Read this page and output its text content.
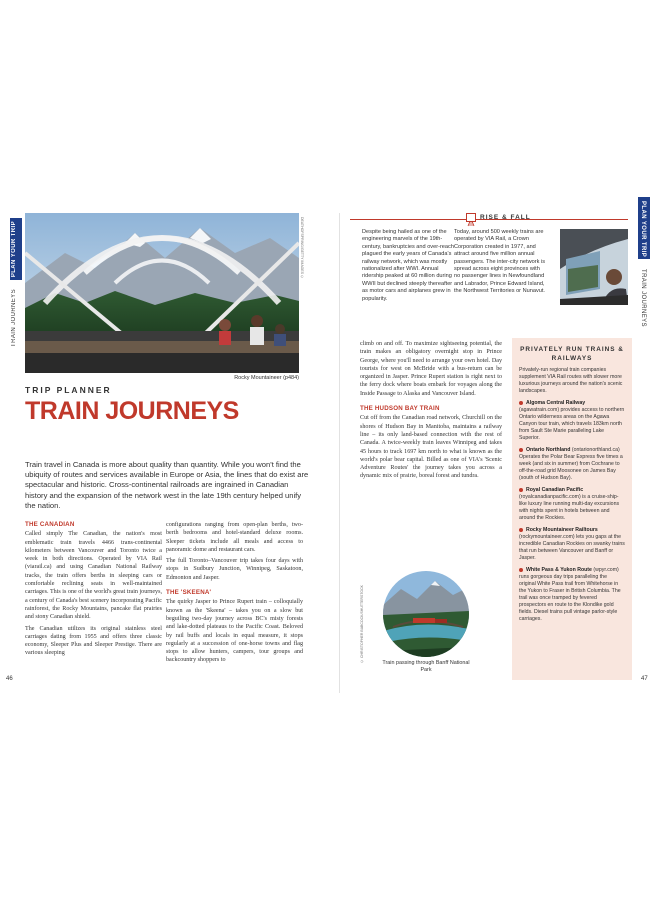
PLAN YOUR TRIP
TRAIN JOURNEYS
PLAN YOUR TRIP
TRAIN JOURNEYS
DEATHOFSPRING/GETTY IMAGES ©
Rocky Mountaineer (p484)
TRIP PLANNER
TRAIN JOURNEYS
Train travel in Canada is more about quality than quantity. While you won't find the ubiquity of routes and services available in Europe or Asia, the lines that do exist are spectacular and historic. Cross-continental railroads are ingrained in Canadian history and the expansion of the network west in the late 19th century helped unify the nation.
THE CANADIAN
Called simply The Canadian, the nation's most emblematic train travels 4466 trans-continental kilometers between Vancouver and Toronto twice a week in both directions. Operated by VIA Rail (viarail.ca) and using Canadian National Railway tracks, the train offers berths in sleeping cars or comfortable reclining seats in well-maintained carriages. This is one of the world's great train journeys, a century of Canada's best scenery incorporating Pacific rainforest, the Rocky Mountains, pancake flat prairies and stony Canadian shield.
The Canadian utilizes its original stainless steel carriages dating from 1955 and offers three classic economy, Sleeper Plus and Sleeper Prestige. There are various sleeping
configurations ranging from open-plan berths, two-berth bedrooms and hotel-standard deluxe rooms. Sleeper tickets include all meals and access to panoramic dome and restaurant cars.
The full Toronto–Vancouver trip takes four days with stops in Sudbury Junction, Winnipeg, Saskatoon, Edmonton and Jasper.
THE 'SKEENA'
The quirky Jasper to Prince Rupert train – colloquially known as the 'Skeena' – takes you on a slow but beguiling two-day journey across BC's misty forests and lake-dotted plateaus to the Pacific Coast. Beloved by rail buffs and locals in equal measure, it stops regularly at a succession of one-horse towns and flag stops to allow hunters, campers, tour groups and backcountry shoppers to
46
RISE & FALL
Despite being hailed as one of the engineering marvels of the 19th-century, bankruptcies and over-reach plagued the early years of Canada's railway network, which was mostly nationalized after WWI. Annual ridership peaked at 60 million during WWII but declined steeply thereafter as motor cars and airplanes grew in popularity.
Today, around 500 weekly trains are operated by VIA Rail, a Crown Corporation created in 1977, and attract around five million annual passengers. The inter-city network is spread across eight provinces with no passenger lines in Newfoundland and Labrador, Prince Edward Island, the Northwest Territories or Nunavut.
climb on and off. To maximize sightseeing potential, the train makes an obligatory overnight stop in Prince George, where you'll need to arrange your own hotel. Day tourists for west on McBride with a bus-return can be organized in Jasper. Prince Rupert station is right next to the ferry dock where boats embark for voyages along the Inside Passage to Alaska and Vancouver Island.
THE HUDSON BAY TRAIN
Cut off from the Canadian road network, Churchill on the shores of Hudson Bay in Manitoba, maintains a railway line – its only land-based connection with the rest of Canada. A twice-weekly train leaves Winnipeg and takes 45 hours to track 1697 km north to what is known as the world's polar bear capital. Billed as one of VIA's 'Scenic Adventure Routes' the journey takes you across a dynamic mix of prairie, boreal forest and tundra.
© CHRISTOPHER BABCOCK/SHUTTERSTOCK
Train passing through Banff National Park
PRIVATELY RUN TRAINS & RAILWAYS
Privately-run regional train companies supplement VIA Rail routes with slower more luxurious journeys around the nation's scenic landscapes.
Algoma Central Railway (agawatrain.com) provides access to northern Ontario wilderness areas on the Agawa Canyon tour train, which travels 183km north from Sault Ste Marie paralleling Lake Superior.
Ontario Northland (ontarionorthland.ca) Operates the Polar Bear Express five times a week (and six in summer) from Cochrane to off-the-road grid Moosonee on James Bay (south of Hudson Bay).
Royal Canadian Pacific (royalcanadianpacific.com) is a cruise-ship-like luxury line running multi-day excursions with nights spent in hotels between and around the Rockies.
Rocky Mountaineer Railtours (rockymountaineer.com) lets you gaps at the incredible Canadian Rockies on swanky trains that run between Vancouver and Banff or Jasper.
White Pass & Yukon Route (wpyr.com) runs gorgeous day trips paralleling the original White Pass trail from Whitehorse in the Yukon to Fraser in British Columbia. The trail was once tramped by fevered prospectors en route to the Klondike gold fields. Diesel trains pull vintage parlor-style carriages.
47
